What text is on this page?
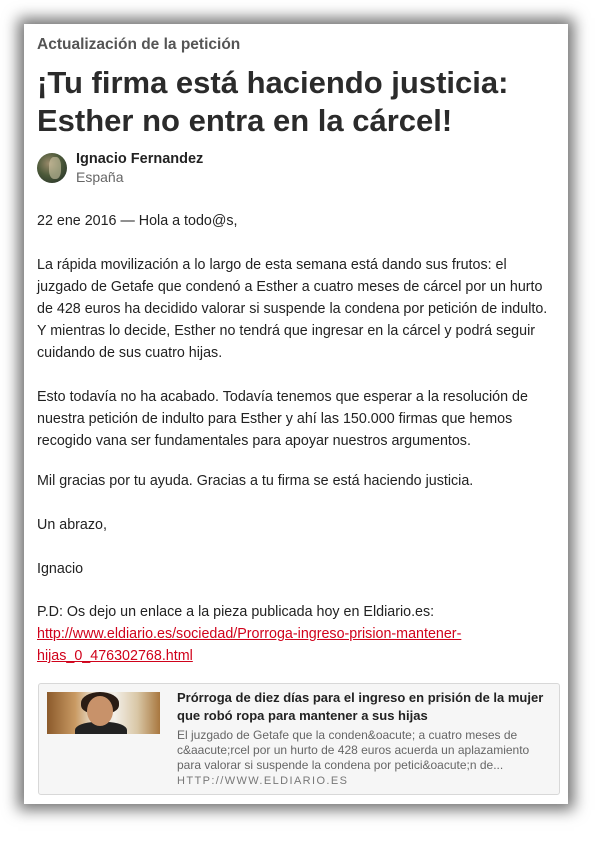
Actualización de la petición
¡Tu firma está haciendo justicia:
Esther no entra en la cárcel!
Ignacio Fernandez
España

22 ene 2016 — Hola a todo@s,

La rápida movilización a lo largo de esta semana está dando sus frutos: el juzgado de Getafe que condenó a Esther a cuatro meses de cárcel por un hurto de 428 euros ha decidido valorar si suspende la condena por petición de indulto. Y mientras lo decide, Esther no tendrá que ingresar en la cárcel y podrá seguir cuidando de sus cuatro hijas.

Esto todavía no ha acabado. Todavía tenemos que esperar a la resolución de nuestra petición de indulto para Esther y ahí las 150.000 firmas que hemos recogido vana ser fundamentales para apoyar nuestros argumentos.

Mil gracias por tu ayuda. Gracias a tu firma se está haciendo justicia.

Un abrazo,

Ignacio

P.D: Os dejo un enlace a la pieza publicada hoy en Eldiario.es:

http://www.eldiario.es/sociedad/Prorroga-ingreso-prision-mantener-
hijas_0_476302768.html

Prórroga de diez días para el ingreso en prisión de la mujer que robó ropa para mantener a sus hijas
El juzgado de Getafe que la conden&oacute; a cuatro meses de c&aacute;rcel por un hurto de 428 euros acuerda un aplazamiento para valorar si suspende la condena por petici&oacute;n de...
HTTP://WWW.ELDIARIO.ES
